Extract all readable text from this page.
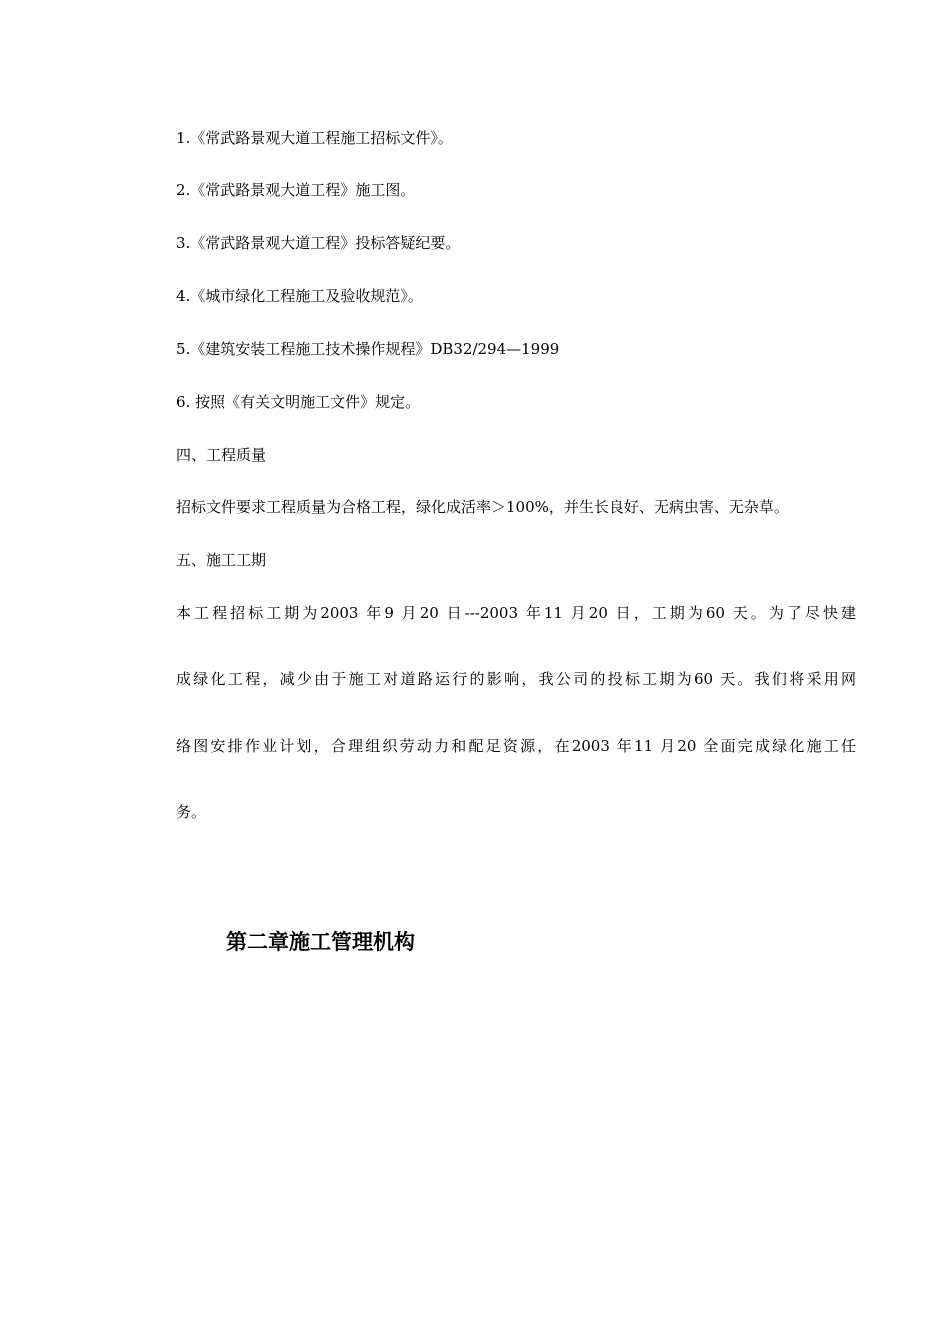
1.《常武路景观大道工程施工招标文件》。

2.《常武路景观大道工程》施工图。

3.《常武路景观大道工程》投标答疑纪要。

4.《城市绿化工程施工及验收规范》。

5.《建筑安装工程施工技术操作规程》DB32/294—1999

6. 按照《有关文明施工文件》规定。

四、工程质量

招标文件要求工程质量为合格工程，绿化成活率＞100%，并生长良好、无病虫害、无杂草。

五、施工工期

本工程招标工期为2003 年9 月20 日---2003 年11 月20 日，工期为60 天。为了尽快建

成绿化工程，减少由于施工对道路运行的影响，我公司的投标工期为60 天。我们将采用网

络图安排作业计划，合理组织劳动力和配足资源，在2003 年11 月20 全面完成绿化施工任

务。

第二章施工管理机构
